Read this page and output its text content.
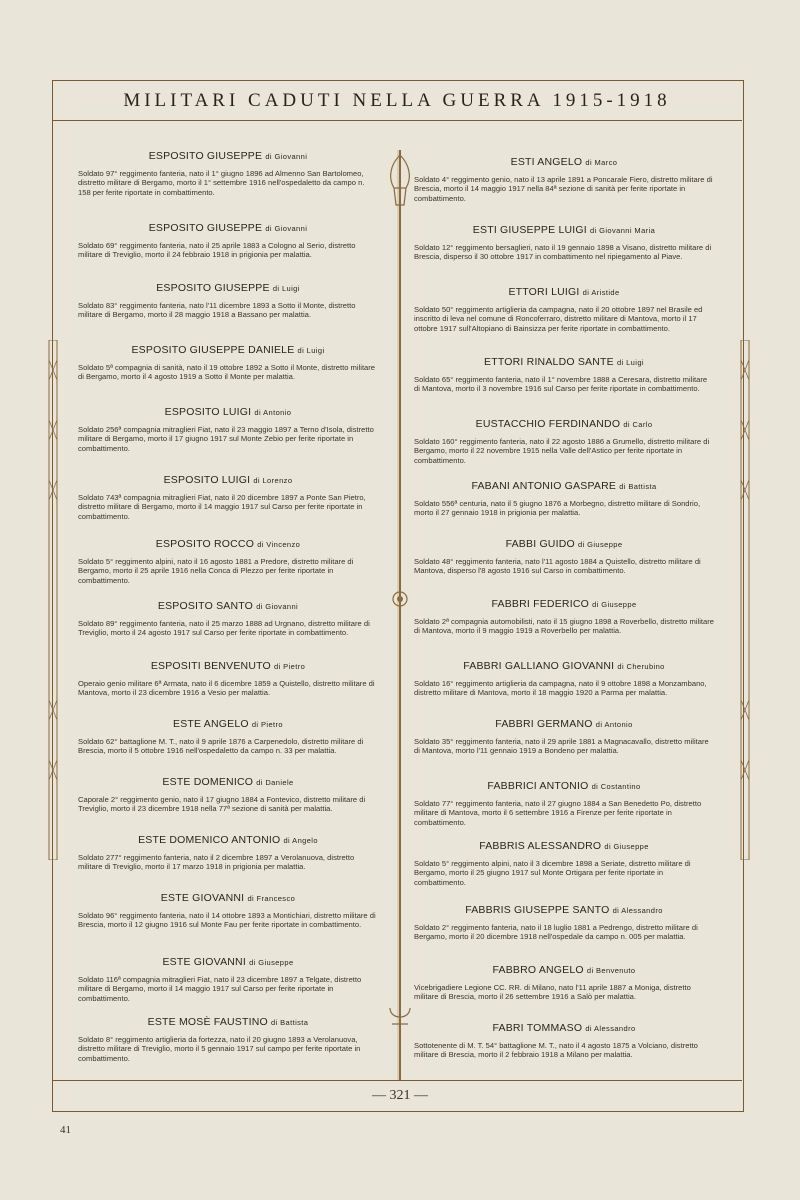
MILITARI CADUTI NELLA GUERRA 1915-1918
ESPOSITO GIUSEPPE di Giovanni
Soldato 97° reggimento fanteria, nato il 1° giugno 1896 ad Almenno San Bartolomeo, distretto militare di Bergamo, morto il 1° settembre 1916 nell'ospedaletto da campo n. 158 per ferite riportate in combattimento.
ESPOSITO GIUSEPPE di Giovanni
Soldato 69° reggimento fanteria, nato il 25 aprile 1883 a Cologno al Serio, distretto militare di Treviglio, morto il 24 febbraio 1918 in prigionia per malattia.
ESPOSITO GIUSEPPE di Luigi
Soldato 83° reggimento fanteria, nato l'11 dicembre 1893 a Sotto il Monte, distretto militare di Bergamo, morto il 28 maggio 1918 a Bassano per malattia.
ESPOSITO GIUSEPPE DANIELE di Luigi
Soldato 5ª compagnia di sanità, nato il 19 ottobre 1892 a Sotto il Monte, distretto militare di Bergamo, morto il 4 agosto 1919 a Sotto il Monte per malattia.
ESPOSITO LUIGI di Antonio
Soldato 256ª compagnia mitraglieri Fiat, nato il 23 maggio 1897 a Terno d'Isola, distretto militare di Bergamo, morto il 17 giugno 1917 sul Monte Zebio per ferite riportate in combattimento.
ESPOSITO LUIGI di Lorenzo
Soldato 743ª compagnia mitraglieri Fiat, nato il 20 dicembre 1897 a Ponte San Pietro, distretto militare di Bergamo, morto il 14 maggio 1917 sul Carso per ferite riportate in combattimento.
ESPOSITO ROCCO di Vincenzo
Soldato 5° reggimento alpini, nato il 16 agosto 1881 a Predore, distretto militare di Bergamo, morto il 25 aprile 1916 nella Conca di Plezzo per ferite riportate in combattimento.
ESPOSITO SANTO di Giovanni
Soldato 89° reggimento fanteria, nato il 25 marzo 1888 ad Urgnano, distretto militare di Treviglio, morto il 24 agosto 1917 sul Carso per ferite riportate in combattimento.
ESPOSITI BENVENUTO di Pietro
Operaio genio militare 6ª Armata, nato il 6 dicembre 1859 a Quistello, distretto militare di Mantova, morto il 23 dicembre 1916 a Vesio per malattia.
ESTE ANGELO di Pietro
Soldato 62° battaglione M. T., nato il 9 aprile 1876 a Carpenedolo, distretto militare di Brescia, morto il 5 ottobre 1916 nell'ospedaletto da campo n. 33 per malattia.
ESTE DOMENICO di Daniele
Caporale 2° reggimento genio, nato il 17 giugno 1884 a Fontevico, distretto militare di Treviglio, morto il 23 dicembre 1918 nella 77ª sezione di sanità per malattia.
ESTE DOMENICO ANTONIO di Angelo
Soldato 277° reggimento fanteria, nato il 2 dicembre 1897 a Verolanuova, distretto militare di Treviglio, morto il 17 marzo 1918 in prigionia per malattia.
ESTE GIOVANNI di Francesco
Soldato 96° reggimento fanteria, nato il 14 ottobre 1893 a Montichiari, distretto militare di Brescia, morto il 12 giugno 1916 sul Monte Fau per ferite riportate in combattimento.
ESTE GIOVANNI di Giuseppe
Soldato 116ª compagnia mitraglieri Fiat, nato il 23 dicembre 1897 a Telgate, distretto militare di Bergamo, morto il 14 maggio 1917 sul Carso per ferite riportate in combattimento.
ESTE MOSÈ FAUSTINO di Battista
Soldato 8° reggimento artiglieria da fortezza, nato il 20 giugno 1893 a Verolanuova, distretto militare di Treviglio, morto il 5 gennaio 1917 sul campo per ferite riportate in combattimento.
ESTI ANGELO di Marco
Soldato 4° reggimento genio, nato il 13 aprile 1891 a Poncarale Fiero, distretto militare di Brescia, morto il 14 maggio 1917 nella 84ª sezione di sanità per ferite riportate in combattimento.
ESTI GIUSEPPE LUIGI di Giovanni Maria
Soldato 12° reggimento bersaglieri, nato il 19 gennaio 1898 a Visano, distretto militare di Brescia, disperso il 30 ottobre 1917 in combattimento nel ripiegamento al Piave.
ETTORI LUIGI di Aristide
Soldato 50° reggimento artiglieria da campagna, nato il 20 ottobre 1897 nel Brasile ed inscritto di leva nel comune di Roncoferraro, distretto militare di Mantova, morto il 17 ottobre 1917 sull'Altopiano di Bainsizza per ferite riportate in combattimento.
ETTORI RINALDO SANTE di Luigi
Soldato 65° reggimento fanteria, nato il 1° novembre 1888 a Ceresara, distretto militare di Mantova, morto il 3 novembre 1916 sul Carso per ferite riportate in combattimento.
EUSTACCHIO FERDINANDO di Carlo
Soldato 160° reggimento fanteria, nato il 22 agosto 1886 a Grumello, distretto militare di Bergamo, morto il 22 novembre 1915 nella Valle dell'Astico per ferite riportate in combattimento.
FABANI ANTONIO GASPARE di Battista
Soldato 556ª centuria, nato il 5 giugno 1876 a Morbegno, distretto militare di Sondrio, morto il 27 gennaio 1918 in prigionia per malattia.
FABBI GUIDO di Giuseppe
Soldato 48° reggimento fanteria, nato l'11 agosto 1884 a Quistello, distretto militare di Mantova, disperso l'8 agosto 1916 sul Carso in combattimento.
FABBRI FEDERICO di Giuseppe
Soldato 2ª compagnia automobilisti, nato il 15 giugno 1898 a Roverbello, distretto militare di Mantova, morto il 9 maggio 1919 a Roverbello per malattia.
FABBRI GALLIANO GIOVANNI di Cherubino
Soldato 16° reggimento artiglieria da campagna, nato il 9 ottobre 1898 a Monzambano, distretto militare di Mantova, morto il 18 maggio 1920 a Parma per malattia.
FABBRI GERMANO di Antonio
Soldato 35° reggimento fanteria, nato il 29 aprile 1881 a Magnacavallo, distretto militare di Mantova, morto l'11 gennaio 1919 a Bondeno per malattia.
FABBRICI ANTONIO di Costantino
Soldato 77° reggimento fanteria, nato il 27 giugno 1884 a San Benedetto Po, distretto militare di Mantova, morto il 6 settembre 1916 a Firenze per ferite riportate in combattimento.
FABBRIS ALESSANDRO di Giuseppe
Soldato 5° reggimento alpini, nato il 3 dicembre 1898 a Seriate, distretto militare di Bergamo, morto il 25 giugno 1917 sul Monte Ortigara per ferite riportate in combattimento.
FABBRIS GIUSEPPE SANTO di Alessandro
Soldato 2° reggimento fanteria, nato il 18 luglio 1881 a Pedrengo, distretto militare di Bergamo, morto il 20 dicembre 1918 nell'ospedale da campo n. 005 per malattia.
FABBRO ANGELO di Benvenuto
Vicebrigadiere Legione CC. RR. di Milano, nato l'11 aprile 1887 a Moniga, distretto militare di Brescia, morto il 26 settembre 1916 a Salò per malattia.
FABRI TOMMASO di Alessandro
Sottotenente di M. T. 54° battaglione M. T., nato il 4 agosto 1875 a Volciano, distretto militare di Brescia, morto il 2 febbraio 1918 a Milano per malattia.
— 321 —
41
